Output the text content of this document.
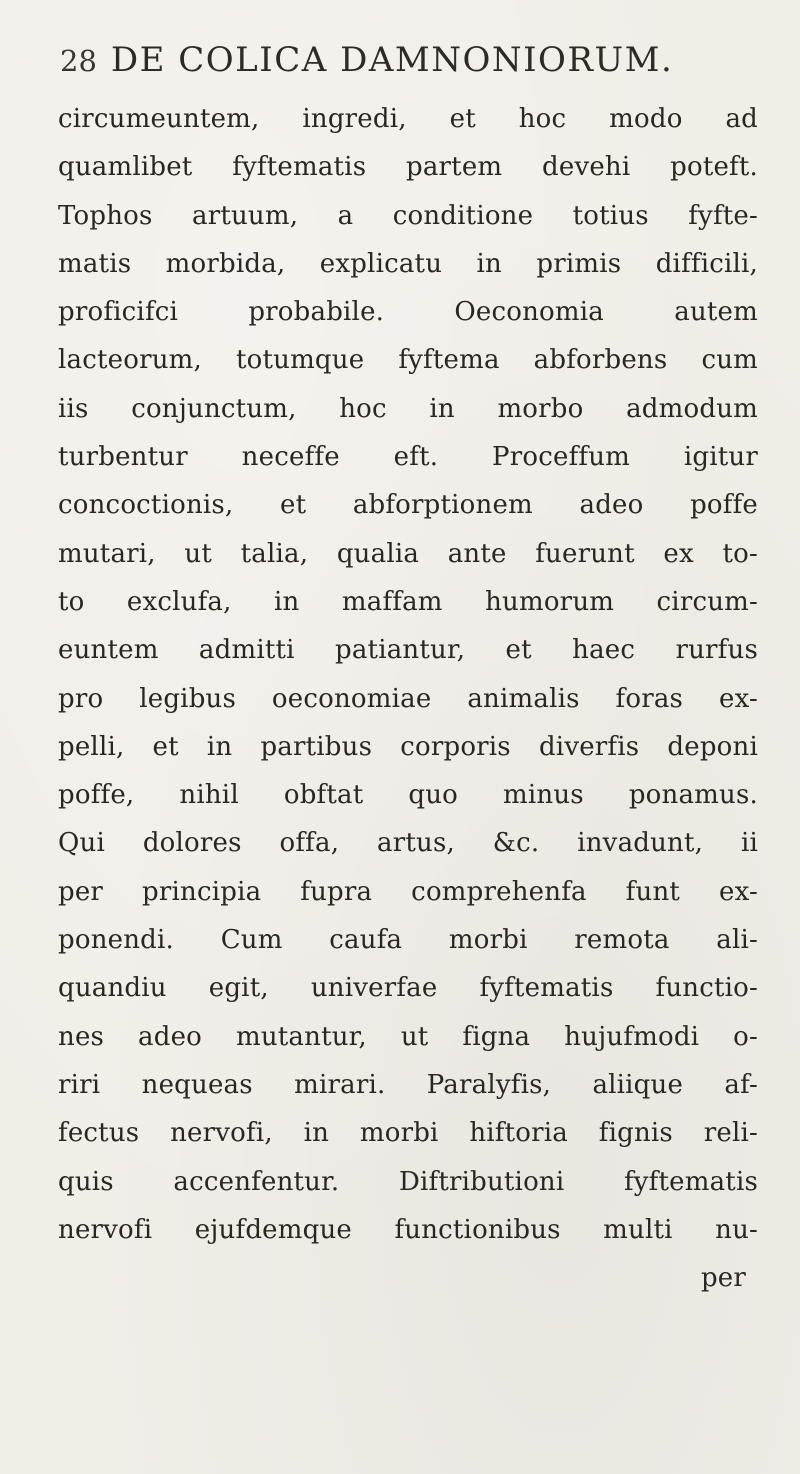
28 DE COLICA DAMNONIORUM.
circumeuntem, ingredi, et hoc modo ad
quamlibet fyftematis partem devehi poteft.
Tophos artuum, a conditione totius fyfte-
matis morbida, explicatu in primis difficili,
proficifci probabile. Oeconomia autem
lacteorum, totumque fyftema abforbens cum
iis conjunctum, hoc in morbo admodum
turbentur neceffe eft. Proceffum igitur
concoctionis, et abforptionem adeo poffe
mutari, ut talia, qualia ante fuerunt ex to-
to exclufa, in maffam humorum circum-
euntem admitti patiantur, et haec rurfus
pro legibus oeconomiae animalis foras ex-
pelli, et in partibus corporis diverfis deponi
poffe, nihil obftat quo minus ponamus.
Qui dolores offa, artus, &c. invadunt, ii
per principia fupra comprehenfa funt ex-
ponendi. Cum caufa morbi remota ali-
quandiu egit, univerfae fyftematis functio-
nes adeo mutantur, ut figna hujufmodi o-
riri nequeas mirari. Paralyfis, aliique af-
fectus nervofi, in morbi hiftoria fignis reli-
quis accenfentur. Diftributioni fyftematis
nervofi ejufdemque functionibus multi nu-
per
